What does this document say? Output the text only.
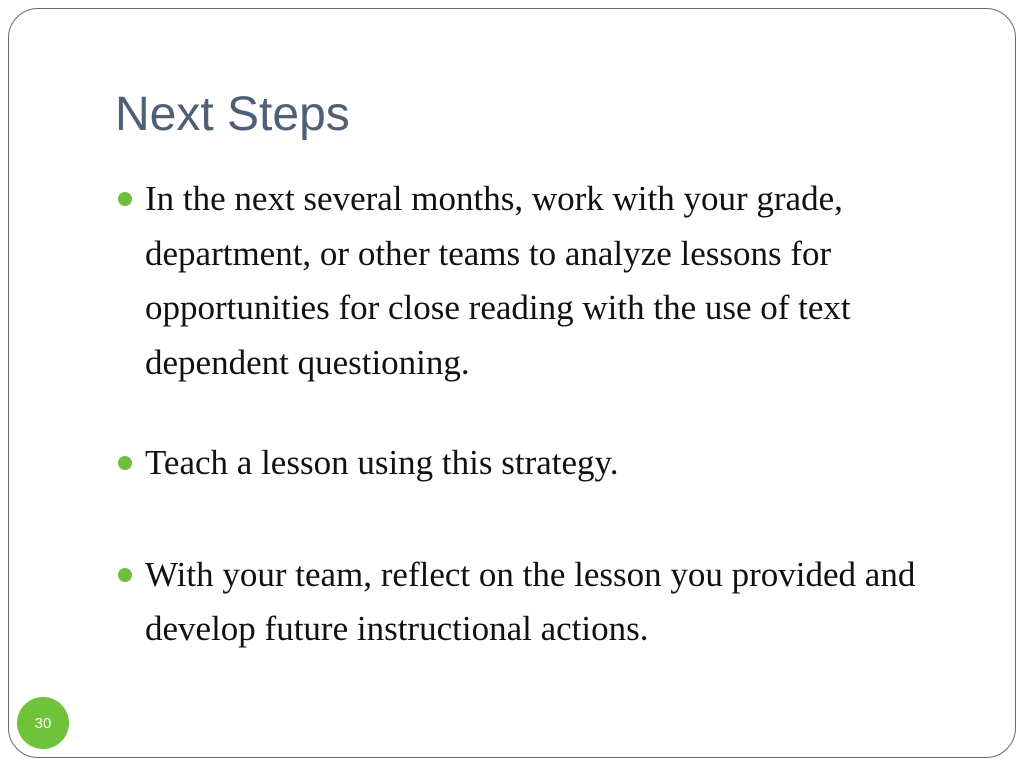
Next Steps
In the next several months, work with your grade, department, or other teams to analyze lessons for opportunities for close reading with the use of text dependent questioning.
Teach a lesson using this strategy.
With your team, reflect on the lesson you provided and develop future instructional actions.
30
